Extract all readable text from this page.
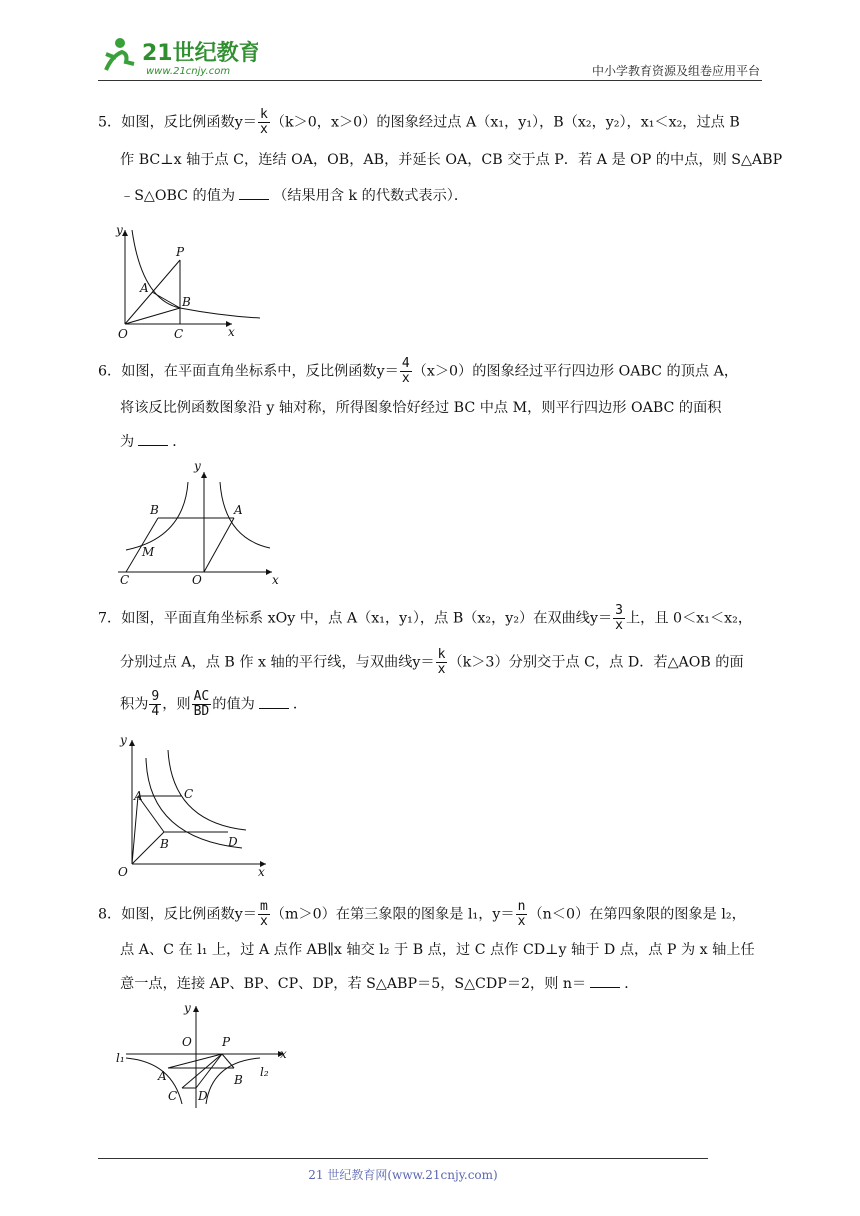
21世纪教育
www.21cnjy.com	中小学教育资源及组卷应用平台
5．如图，反比例函数$y= \frac{k}{x} (k>0$，x＞0）的图象经过点 A（x₁，y₁），B（x₂，y₂），x₁＜x₂，过点 B
作 BC⊥x 轴于点 C，连结 OA，OB，AB，并延长 OA，CB 交于点 P．若 A 是 OP 的中点，则 S△ABP
﹣S△OBC 的值为	（结果用含 k 的代数式表示）．
y
P
A
B
O	C	x
6．如图，在平面直角坐标系中，反比例函数$y= \frac{4}{x} (x>0)$的图象经过平行四边形 OABC 的顶点 A，
将该反比例函数图象沿 y 轴对称，所得图象恰好经过 BC 中点 M，则平行四边形 OABC 的面积
为	．
y
B	A
M
C	O	x
7．如图，平面直角坐标系 xOy 中，点 A（x₁，y₁），点 B（x₂，y₂）在双曲线$y= \frac{3}{x}$ 上，且 0＜x₁＜x₂，
分别过点 A，点 B 作 x 轴的平行线，与双曲线$y= \frac{k}{x} (k>3)$分别交于点 C，点 D．若△AOB 的面
积为 $\frac{9}{4}$ ，则 $\frac{AC}{BD}$ 的值为	．
y
A	C
B	D
O	x
8．如图，反比例函数$y= \frac{m}{x} (m>0)$在第三象限的图象是 l₁，$y= \frac{n}{x} (n<0)$在第四象限的图象是 l₂，
点 A、C 在 l₁ 上，过 A 点作 AB∥x 轴交 l₂ 于 B 点，过 C 点作 CD⊥y 轴于 D 点，点 P 为 x 轴上任
意一点，连接 AP、BP、CP、DP，若 S△ABP＝5，S△CDP＝2，则 n＝	．
y
O	P
x
l₁
A	B
l₂
C D
21 世纪教育网(www.21cnjy.com)
